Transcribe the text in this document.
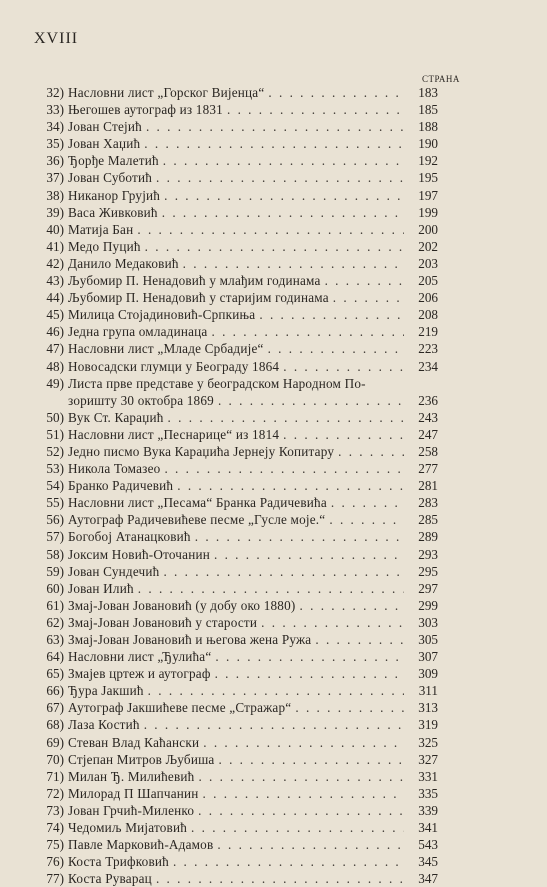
XVIII
СТРАНА
32) Насловни лист „Горског Вијенца“ . . .	183
33) Његошев аутограф из 1831 . . .	185
34) Јован Стејић . . .	188
35) Јован Хаџић . . .	190
36) Ђорђе Малетић . . .	192
37) Јован Суботић . . .	195
38) Никанор Грујић . . .	197
39) Васа Живковић . . .	199
40) Матија Бан . . .	200
41) Медо Пуцић . . .	202
42) Данило Медаковић . . .	203
43) Љубомир П. Ненадовић у млађим годинама . . .	205
44) Љубомир П. Ненадовић у старијим годинама . . .	206
45) Милица Стојадиновић-Српкиња . . .	208
46) Једна група омладинаца . . .	219
47) Насловни лист „Младе Србадије“ . . .	223
48) Новосадски глумци у Београду 1864 . . .	234
49) Листа прве представе у београдском Народном По-
зоришту 30 октобра 1869 . . .	236
50) Вук Ст. Караџић . . .	243
51) Насловни лист „Песнарице“ из 1814 . . .	247
52) Једно писмо Вука Караџића Јернеју Копитару . . .	258
53) Никола Томазео . . .	277
54) Бранко Радичевић . . .	281
55) Насловни лист „Песама“ Бранка Радичевића . . .	283
56) Аутограф Радичевићеве песме „Гусле моје.“ . . .	285
57) Богобој Атанацковић . . .	289
58) Јоксим Новић-Оточанин . . .	293
59) Јован Сундечић . . .	295
60) Јован Илић . . .	297
61) Змај-Јован Јовановић (у добу око 1880) . . .	299
62) Змај-Јован Јовановић у старости . . .	303
63) Змај-Јован Јовановић и његова жена Ружа . . .	305
64) Насловни лист „Ђулића“ . . .	307
65) Змајев цртеж и аутограф . . .	309
66) Ђура Јакшић . . .	311
67) Аутограф Јакшићеве песме „Стражар“ . . .	313
68) Лаза Костић . . .	319
69) Стеван Влад Кaћански . . .	325
70) Стјепан Митров Љубиша . . .	327
71) Милан Ђ. Милићевић . . .	331
72) Милорад П Шапчанин . . .	335
73) Јован Грчић-Миленко . . .	339
74) Чедомиљ Мијатовић . . .	341
75) Павле Марковић-Адамов . . .	543
76) Коста Трифковић . . .	345
77) Коста Руварац . . .	347
